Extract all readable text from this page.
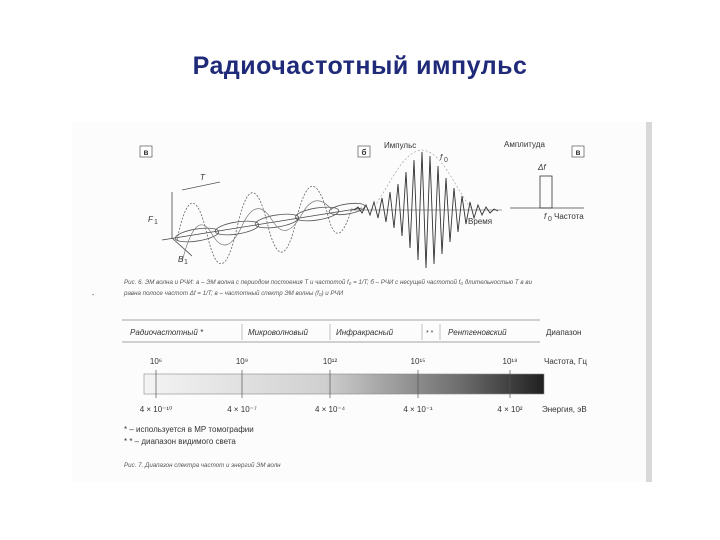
Радиочастотный импульс
в
T
F 1
B 1
б
Импульс
f 0
Время
в
Амплитуда
Δf
f 0 Частота
Рис. 6. ЭМ волна и РЧИ: а – ЭМ волна с периодом постоения T и частотой f₀ = 1/T; б – РЧИ с несущей частотой f₀ длительностью T в ви
равна полосе частот Δf = 1/T; в – частотный спектр ЭМ волны (f₀) и РЧИ
Радиочастотный *	Микроволновый	Инфракрасный	* * Рентгеновский	Диапазон
10⁶	10⁹	10¹²	10¹⁵	10¹⁸	Частота, Гц
4 × 10⁻¹⁰	4 × 10⁻⁷	4 × 10⁻⁴	4 × 10⁻¹	4 × 10² Энергия, эВ
* – используется в МР томографии
* * – диапазон видимого света
Рис. 7. Диапазон спектра частот и энергий ЭМ волн
-
